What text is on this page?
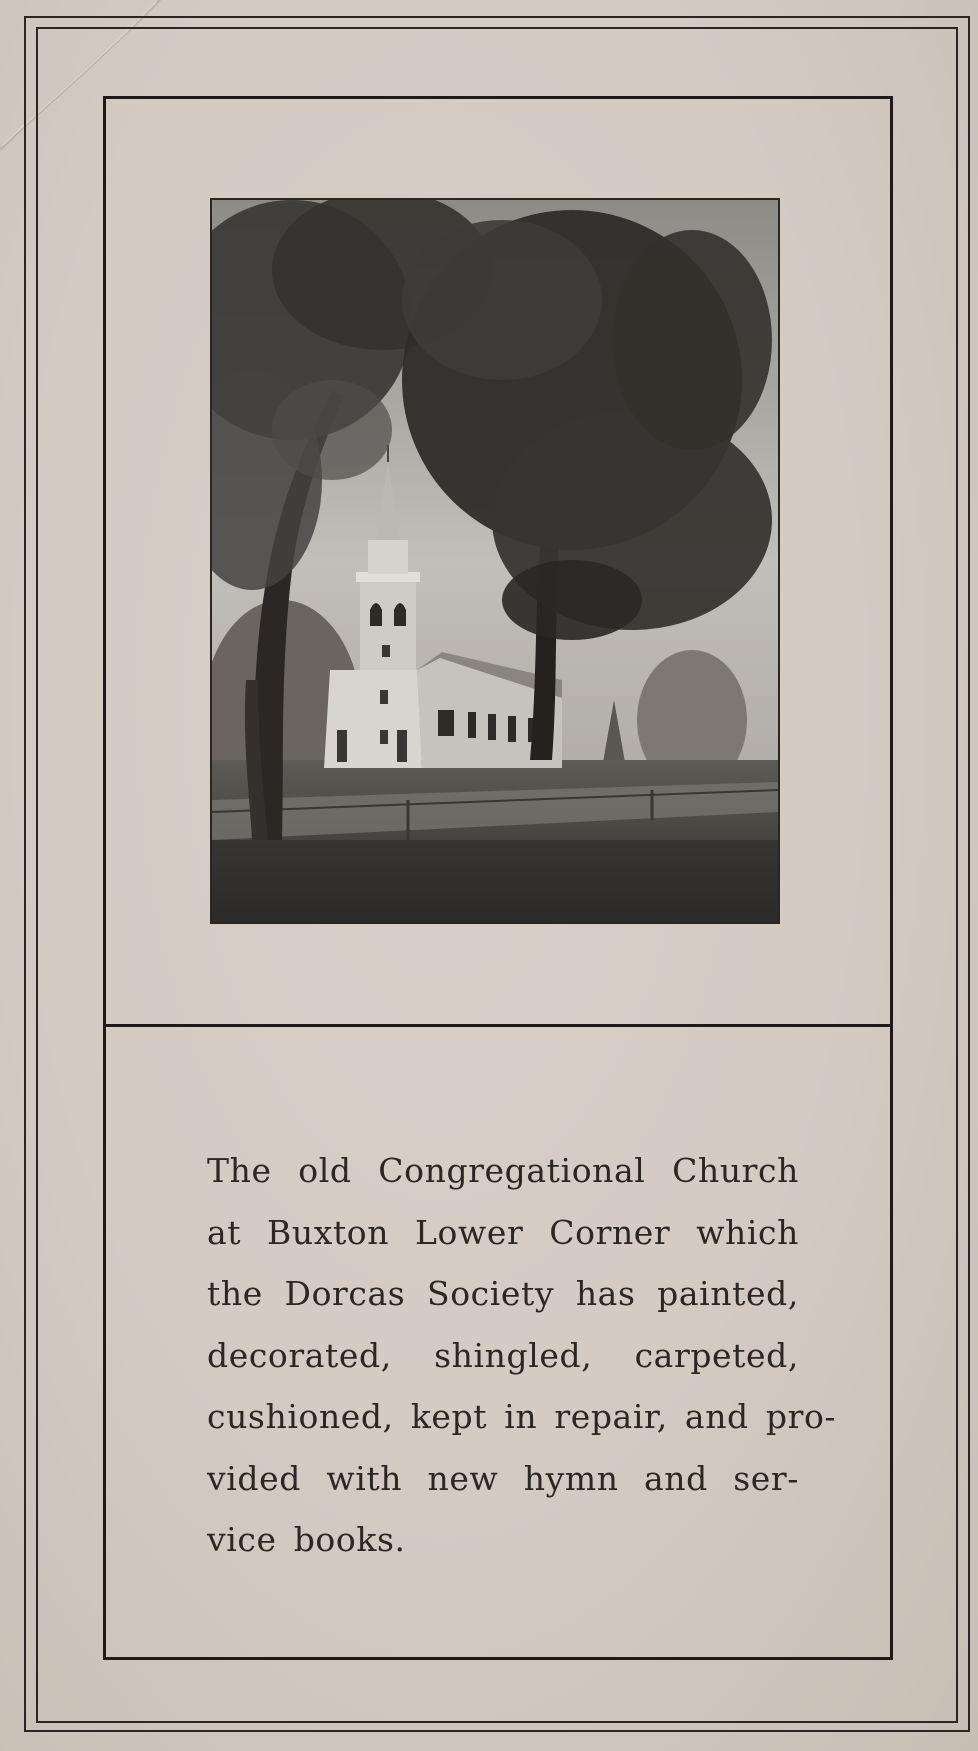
The old Congregational Church
at Buxton Lower Corner which
the Dorcas Society has painted,
decorated, shingled, carpeted,
cushioned, kept in repair, and pro-
vided with new hymn and ser-
vice books.
